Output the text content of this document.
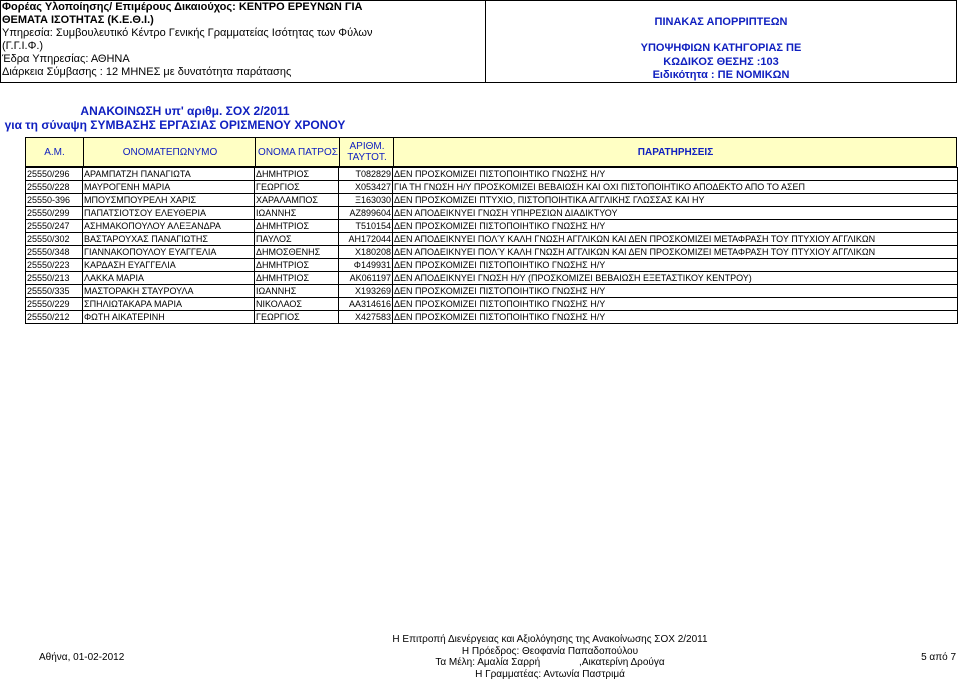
Φορέας Υλοποίησης/ Επιμέρους Δικαιούχος: ΚΕΝΤΡΟ ΕΡΕΥΝΩΝ ΓΙΑ
ΘΕΜΑΤΑ ΙΣΟΤΗΤΑΣ (Κ.Ε.Θ.Ι.)
Υπηρεσία: Συμβουλευτικό Κέντρο Γενικής Γραμματείας Ισότητας των Φύλων
(Γ.Γ.Ι.Φ.)
Έδρα Υπηρεσίας: ΑΘΗΝΑ
Διάρκεια Σύμβασης : 12 ΜΗΝΕΣ με δυνατότητα παράτασης
ΠΙΝΑΚΑΣ ΑΠΟΡΡΙΠΤΕΩΝ
ΥΠΟΨΗΦΙΩΝ ΚΑΤΗΓΟΡΙΑΣ ΠΕ
ΚΩΔΙΚΟΣ ΘΕΣΗΣ :103
Ειδικότητα : ΠΕ ΝΟΜΙΚΩΝ
ΑΝΑΚΟΙΝΩΣΗ υπ' αριθμ. ΣΟΧ 2/2011
για τη σύναψη ΣΥΜΒΑΣΗΣ ΕΡΓΑΣΙΑΣ ΟΡΙΣΜΕΝΟΥ ΧΡΟΝΟΥ
Α.Μ.	ΟΝΟΜΑΤΕΠΩΝΥΜΟ	ΟΝΟΜΑ ΠΑΤΡΟΣ	ΑΡΙΘΜ. ΤΑΥΤΟΤ.	ΠΑΡΑΤΗΡΗΣΕΙΣ
25550/296	ΑΡΑΜΠΑΤΖΗ ΠΑΝΑΓΙΩΤΑ	ΔΗΜΗΤΡΙΟΣ	Τ082829	ΔΕΝ ΠΡΟΣΚΟΜΙΖΕΙ ΠΙΣΤΟΠΟΙΗΤΙΚΟ ΓΝΩΣΗΣ Η/Υ
25550/228	ΜΑΥΡΟΓΕΝΗ ΜΑΡΙΑ	ΓΕΩΡΓΙΟΣ	Χ053427	ΓΙΑ ΤΗ ΓΝΩΣΗ Η/Υ ΠΡΟΣΚΟΜΙΖΕΙ ΒΕΒΑΙΩΣΗ ΚΑΙ ΟΧΙ ΠΙΣΤΟΠΟΙΗΤΙΚΟ ΑΠΟΔΕΚΤΟ ΑΠΟ ΤΟ ΑΣΕΠ
25550-396	ΜΠΟΥΣΜΠΟΥΡΕΛΗ ΧΑΡΙΣ	ΧΑΡΑΛΑΜΠΟΣ	Ξ163030	ΔΕΝ ΠΡΟΣΚΟΜΙΖΕΙ ΠΤΥΧΙΟ, ΠΙΣΤΟΠΟΙΗΤΙΚΑ ΑΓΓΛΙΚΗΣ ΓΛΩΣΣΑΣ ΚΑΙ ΗΥ
25550/299	ΠΑΠΑΤΣΙΟΤΣΟΥ ΕΛΕΥΘΕΡΙΑ	ΙΩΑΝΝΗΣ	ΑΖ899604	ΔΕΝ ΑΠΟΔΕΙΚΝΥΕΙ ΓΝΩΣΗ ΥΠΗΡΕΣΙΩΝ ΔΙΑΔΙΚΤΥΟΥ
25550/247	ΑΣΗΜΑΚΟΠΟΥΛΟΥ ΑΛΕΞΑΝΔΡΑ	ΔΗΜΗΤΡΙΟΣ	Τ510154	ΔΕΝ ΠΡΟΣΚΟΜΙΖΕΙ ΠΙΣΤΟΠΟΙΗΤΙΚΟ ΓΝΩΣΗΣ Η/Υ
25550/302	ΒΑΣΤΑΡΟΥΧΑΣ ΠΑΝΑΓΙΩΤΗΣ	ΠΑΥΛΟΣ	ΑΗ172044	ΔΕΝ ΑΠΟΔΕΙΚΝΥΕΙ ΠΟΛΎ ΚΑΛΗ ΓΝΩΣΗ ΑΓΓΛΙΚΩΝ ΚΑΙ ΔΕΝ ΠΡΟΣΚΟΜΙΖΕΙ ΜΕΤΑΦΡΑΣΗ ΤΟΥ ΠΤΥΧΙΟΥ ΑΓΓΛΙΚΩΝ
25550/348	ΓΙΑΝΝΑΚΟΠΟΥΛΟΥ ΕΥΑΓΓΕΛΙΑ	ΔΗΜΟΣΘΕΝΗΣ	Χ180208	ΔΕΝ ΑΠΟΔΕΙΚΝΥΕΙ ΠΟΛΎ ΚΑΛΗ ΓΝΩΣΗ ΑΓΓΛΙΚΩΝ ΚΑΙ ΔΕΝ ΠΡΟΣΚΟΜΙΖΕΙ ΜΕΤΑΦΡΑΣΗ ΤΟΥ ΠΤΥΧΙΟΥ ΑΓΓΛΙΚΩΝ
25550/223	ΚΑΡΔΑΣΗ ΕΥΑΓΓΕΛΙΑ	ΔΗΜΗΤΡΙΟΣ	Φ149931	ΔΕΝ ΠΡΟΣΚΟΜΙΖΕΙ ΠΙΣΤΟΠΟΙΗΤΙΚΟ ΓΝΩΣΗΣ Η/Υ
25550/213	ΛΑΚΚΑ ΜΑΡΙΑ	ΔΗΜΗΤΡΙΟΣ	ΑΚ061197	ΔΕΝ ΑΠΟΔΕΙΚΝΥΕΙ ΓΝΩΣΗ Η/Υ (ΠΡΟΣΚΟΜΙΖΕΙ ΒΕΒΑΙΩΣΗ ΕΞΕΤΑΣΤΙΚΟΥ ΚΕΝΤΡΟΥ)
25550/335	ΜΑΣΤΟΡΑΚΗ ΣΤΑΥΡΟΥΛΑ	ΙΩΑΝΝΗΣ	Χ193269	ΔΕΝ ΠΡΟΣΚΟΜΙΖΕΙ ΠΙΣΤΟΠΟΙΗΤΙΚΟ ΓΝΩΣΗΣ Η/Υ
25550/229	ΣΠΗΛΙΩΤΑΚΑΡΑ ΜΑΡΙΑ	ΝΙΚΟΛΑΟΣ	ΑΑ314616	ΔΕΝ ΠΡΟΣΚΟΜΙΖΕΙ ΠΙΣΤΟΠΟΙΗΤΙΚΟ ΓΝΩΣΗΣ Η/Υ
25550/212	ΦΩΤΗ ΑΙΚΑΤΕΡΙΝΗ	ΓΕΩΡΓΙΟΣ	Χ427583	ΔΕΝ ΠΡΟΣΚΟΜΙΖΕΙ ΠΙΣΤΟΠΟΙΗΤΙΚΟ ΓΝΩΣΗΣ Η/Υ
Η Επιτροπή Διενέργειας και Αξιολόγησης της Ανακοίνωσης ΣΟΧ 2/2011
Η Πρόεδρος: Θεοφανία Παπαδοπούλου
Τα Μέλη: Αμαλία Σαρρή              ,Αικατερίνη Δρούγα
Η Γραμματέας: Αντωνία Παστριμά
Αθήνα, 01-02-2012	5 από 7
